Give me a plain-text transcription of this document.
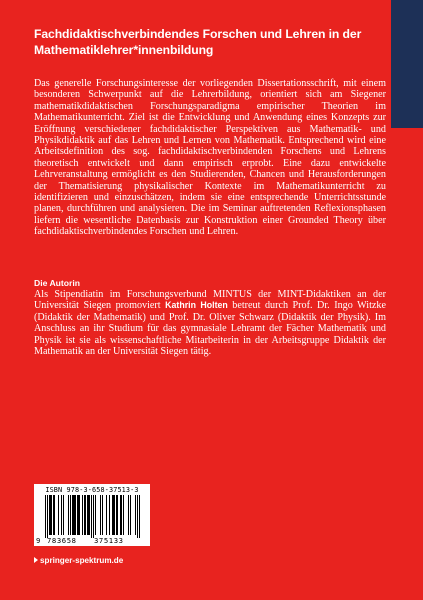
Fachdidaktischverbindendes Forschen und Lehren in der
Mathematiklehrer*innenbildung

Das generelle Forschungsinteresse der vorliegenden Dissertationsschrift, mit einem besonderen Schwerpunkt auf die Lehrerbildung, orientiert sich am Siegener mathematikdidaktischen Forschungsparadigma empirischer Theorien im Mathematikunterricht. Ziel ist die Entwicklung und Anwendung eines Konzepts zur Eröffnung verschiedener fachdidaktischer Perspektiven aus Mathematik- und Physikdidaktik auf das Lehren und Lernen von Mathematik. Entsprechend wird eine Arbeitsdefinition des sog. fachdidaktischverbindenden Forschens und Lehrens theoretisch entwickelt und dann empirisch erprobt. Eine dazu entwickelte Lehrveranstaltung ermöglicht es den Studierenden, Chancen und Herausforderungen der Thematisierung physikalischer Kontexte im Mathematikunterricht zu identifizieren und einzuschätzen, indem sie eine entsprechende Unterrichtsstunde planen, durchführen und analysieren. Die im Seminar auftretenden Reflexionsphasen liefern die wesentliche Datenbasis zur Konstruktion einer Grounded Theory über fachdidaktischverbindendes Forschen und Lehren.

Die Autorin
Als Stipendiatin im Forschungsverbund MINTUS der MINT-Didaktiken an der Universität Siegen promoviert Kathrin Holten betreut durch Prof. Dr. Ingo Witzke (Didaktik der Mathematik) und Prof. Dr. Oliver Schwarz (Didaktik der Physik). Im Anschluss an ihr Studium für das gymnasiale Lehramt der Fächer Mathematik und Physik ist sie als wissenschaftliche Mitarbeiterin in der Arbeitsgruppe Didaktik der Mathematik an der Universität Siegen tätig.
ISBN 978-3-658-37513-3
9 783658 375133
springer-spektrum.de
